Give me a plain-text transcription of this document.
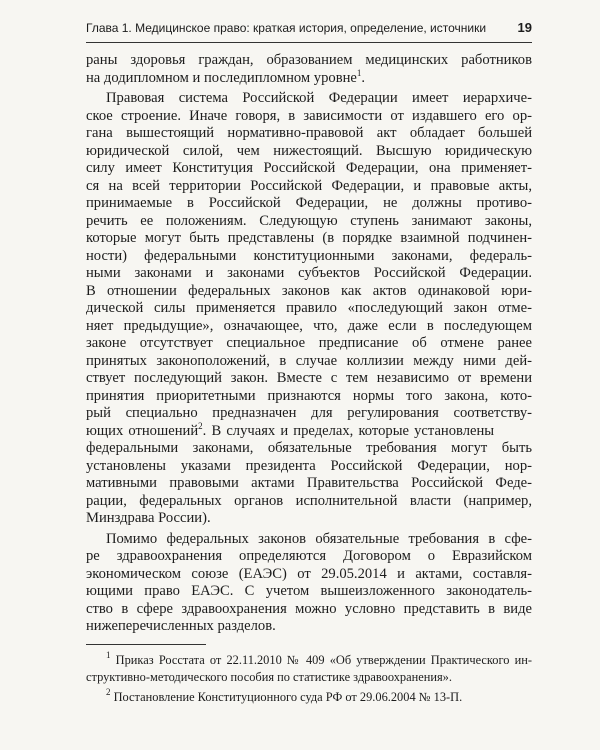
Глава 1. Медицинское право: краткая история, определение, источники 19
раны здоровья граждан, образованием медицинских работников
на додипломном и последипломном уровне$^1$.
Правовая система Российской Федерации имеет иерархиче-
ское строение. Иначе говоря, в зависимости от издавшего его ор-
гана вышестоящий нормативно-правовой акт обладает большей
юридической силой, чем нижестоящий. Высшую юридическую
силу имеет Конституция Российской Федерации, она применяет-
ся на всей территории Российской Федерации, и правовые акты,
принимаемые в Российской Федерации, не должны противо-
речить ее положениям. Следующую ступень занимают законы,
которые могут быть представлены (в порядке взаимной подчинен-
ности) федеральными конституционными законами, федераль-
ными законами и законами субъектов Российской Федерации.
В отношении федеральных законов как актов одинаковой юри-
дической силы применяется правило «последующий закон отме-
няет предыдущие», означающее, что, даже если в последующем
законе отсутствует специальное предписание об отмене ранее
принятых законоположений, в случае коллизии между ними дей-
ствует последующий закон. Вместе с тем независимо от времени
принятия приоритетными признаются нормы того закона, кото-
рый специально предназначен для регулирования соответству-
ющих отношений$^2$. В случаях и пределах, которые установлены
федеральными законами, обязательные требования могут быть
установлены указами президента Российской Федерации, нор-
мативными правовыми актами Правительства Российской Феде-
рации, федеральных органов исполнительной власти (например,
Минздрава России).
Помимо федеральных законов обязательные требования в сфе-
ре здравоохранения определяются Договором о Евразийском
экономическом союзе (ЕАЭС) от 29.05.2014 и актами, составля-
ющими право ЕАЭС. С учетом вышеизложенного законодатель-
ство в сфере здравоохранения можно условно представить в виде
нижеперечисленных разделов.
$^1$ Приказ Росстата от 22.11.2010 № 409 «Об утверждении Практического ин-
структивно-методического пособия по статистике здравоохранения».
$^2$ Постановление Конституционного суда РФ от 29.06.2004 № 13-П.
